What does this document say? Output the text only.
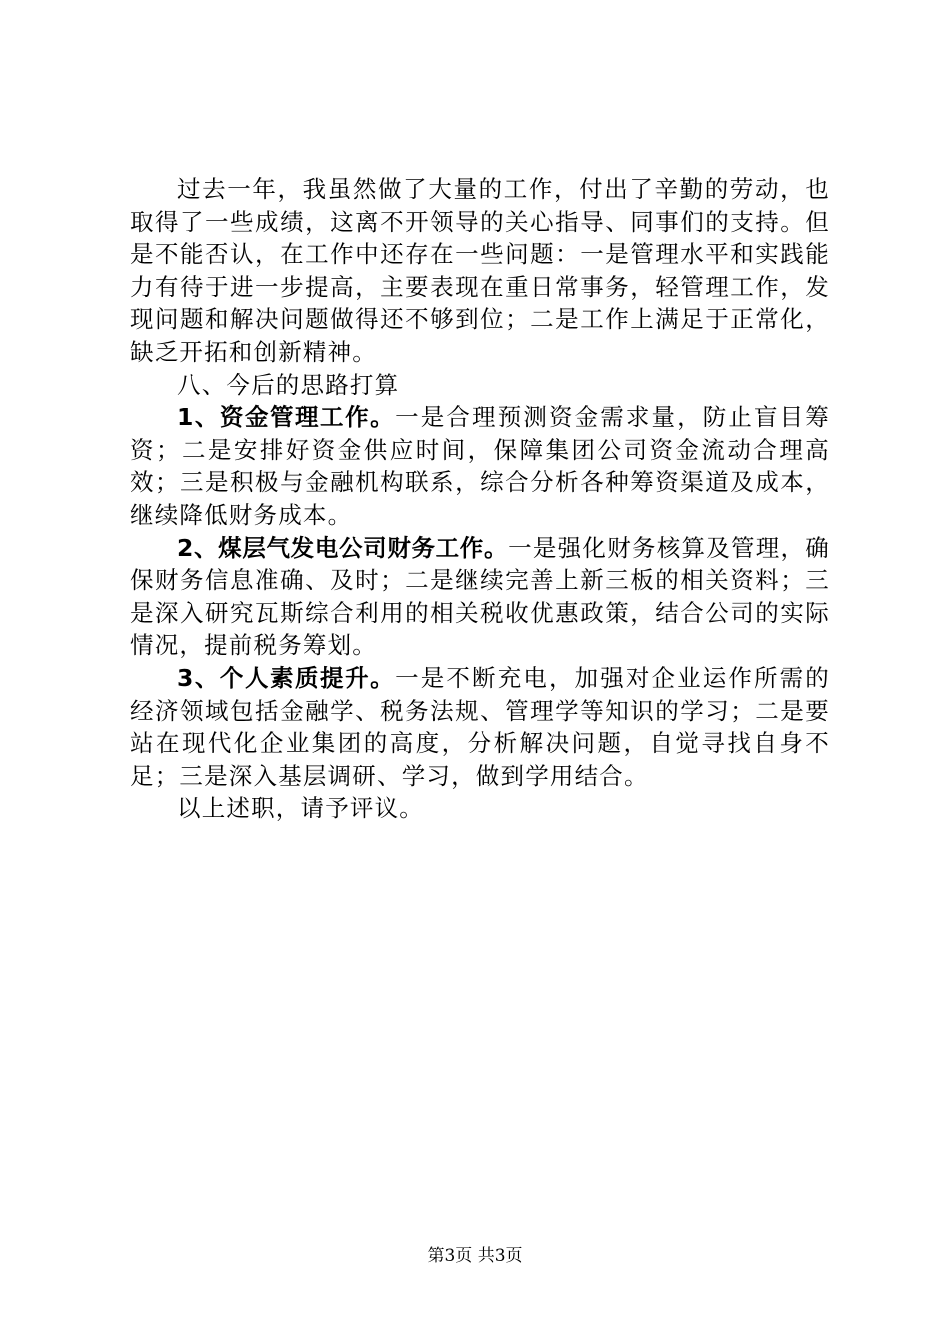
过去一年，我虽然做了大量的工作，付出了辛勤的劳动，也取得了一些成绩，这离不开领导的关心指导、同事们的支持。但是不能否认，在工作中还存在一些问题：一是管理水平和实践能力有待于进一步提高，主要表现在重日常事务，轻管理工作，发现问题和解决问题做得还不够到位；二是工作上满足于正常化，缺乏开拓和创新精神。

八、今后的思路打算

1、资金管理工作。一是合理预测资金需求量，防止盲目筹资；二是安排好资金供应时间，保障集团公司资金流动合理高效；三是积极与金融机构联系，综合分析各种筹资渠道及成本，继续降低财务成本。

2、煤层气发电公司财务工作。一是强化财务核算及管理，确保财务信息准确、及时；二是继续完善上新三板的相关资料；三是深入研究瓦斯综合利用的相关税收优惠政策，结合公司的实际情况，提前税务筹划。

3、个人素质提升。一是不断充电，加强对企业运作所需的经济领域包括金融学、税务法规、管理学等知识的学习；二是要站在现代化企业集团的高度，分析解决问题，自觉寻找自身不足；三是深入基层调研、学习，做到学用结合。

以上述职，请予评议。

第3页 共3页
